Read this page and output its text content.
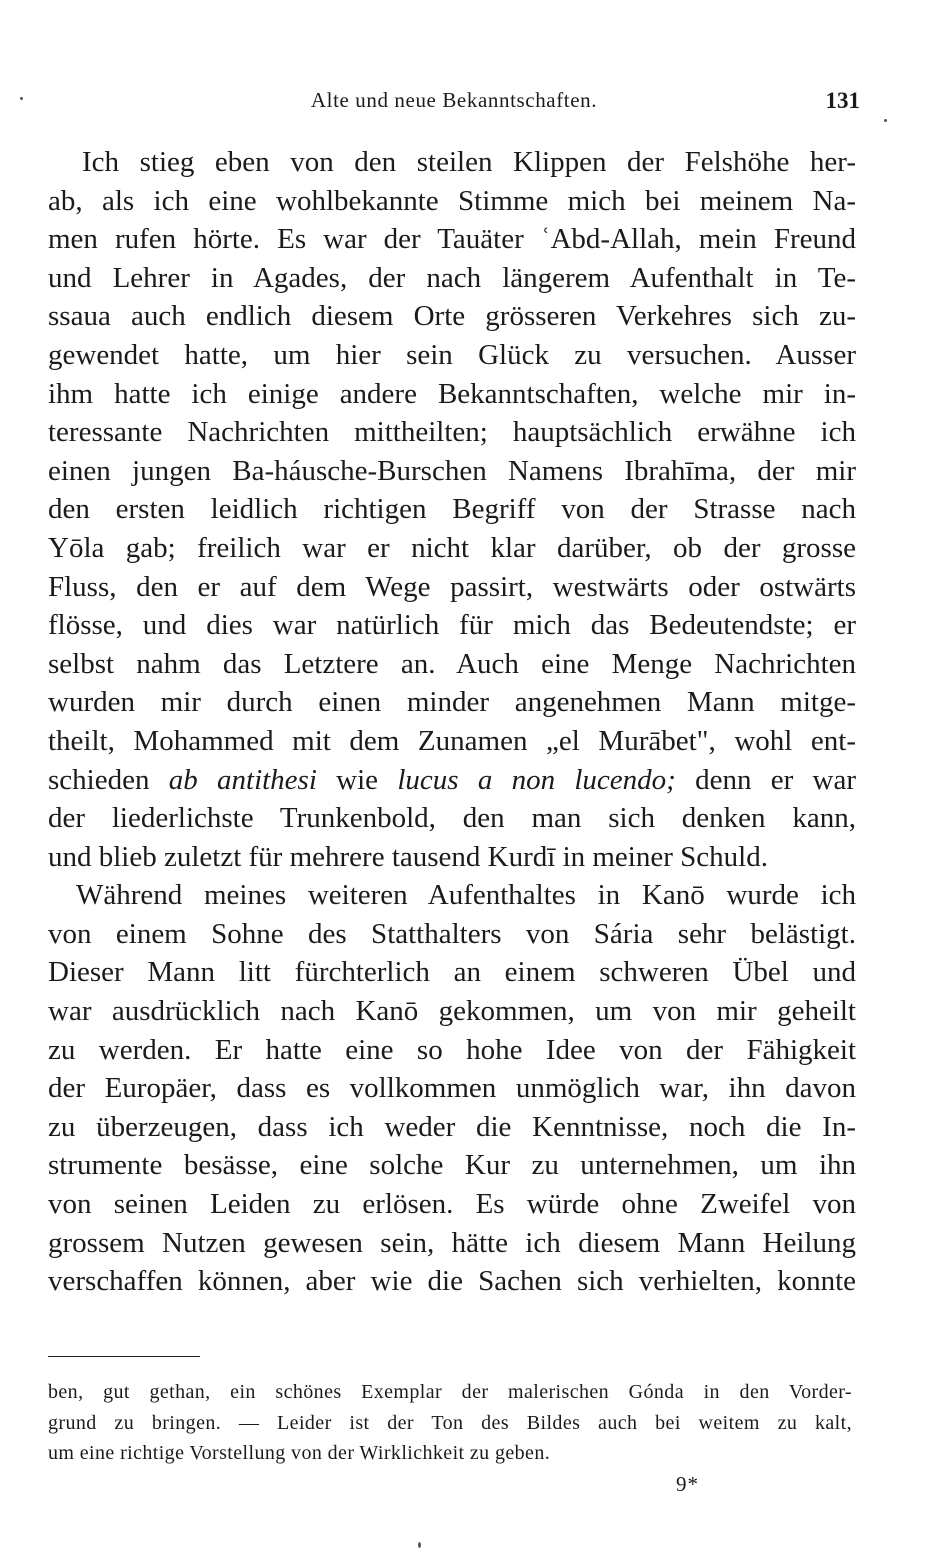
Alte und neue Bekanntschaften.	131
Ich stieg eben von den steilen Klippen der Felshöhe her-
ab, als ich eine wohlbekannte Stimme mich bei meinem Na-
men rufen hörte. Es war der Tauäter ʿAbd-Allah, mein Freund
und Lehrer in Agades, der nach längerem Aufenthalt in Te-
ssaua auch endlich diesem Orte grösseren Verkehres sich zu-
gewendet hatte, um hier sein Glück zu versuchen. Ausser
ihm hatte ich einige andere Bekanntschaften, welche mir in-
teressante Nachrichten mittheilten; hauptsächlich erwähne ich
einen jungen Ba-háusche-Burschen Namens Ibrahīma, der mir
den ersten leidlich richtigen Begriff von der Strasse nach
Yōla gab; freilich war er nicht klar darüber, ob der grosse
Fluss, den er auf dem Wege passirt, westwärts oder ostwärts
flösse, und dies war natürlich für mich das Bedeutendste; er
selbst nahm das Letztere an. Auch eine Menge Nachrichten
wurden mir durch einen minder angenehmen Mann mitge-
theilt, Mohammed mit dem Zunamen „el Murābet", wohl ent-
schieden ab antithesi wie lucus a non lucendo; denn er war
der liederlichste Trunkenbold, den man sich denken kann,
und blieb zuletzt für mehrere tausend Kurdī in meiner Schuld.
Während meines weiteren Aufenthaltes in Kanō wurde ich
von einem Sohne des Statthalters von Sária sehr belästigt.
Dieser Mann litt fürchterlich an einem schweren Übel und
war ausdrücklich nach Kanō gekommen, um von mir geheilt
zu werden. Er hatte eine so hohe Idee von der Fähigkeit
der Europäer, dass es vollkommen unmöglich war, ihn davon
zu überzeugen, dass ich weder die Kenntnisse, noch die In-
strumente besässe, eine solche Kur zu unternehmen, um ihn
von seinen Leiden zu erlösen. Es würde ohne Zweifel von
grossem Nutzen gewesen sein, hätte ich diesem Mann Heilung
verschaffen können, aber wie die Sachen sich verhielten, konnte
ben, gut gethan, ein schönes Exemplar der malerischen Gónda in den Vorder-
grund zu bringen. — Leider ist der Ton des Bildes auch bei weitem zu kalt,
um eine richtige Vorstellung von der Wirklichkeit zu geben.
9*
